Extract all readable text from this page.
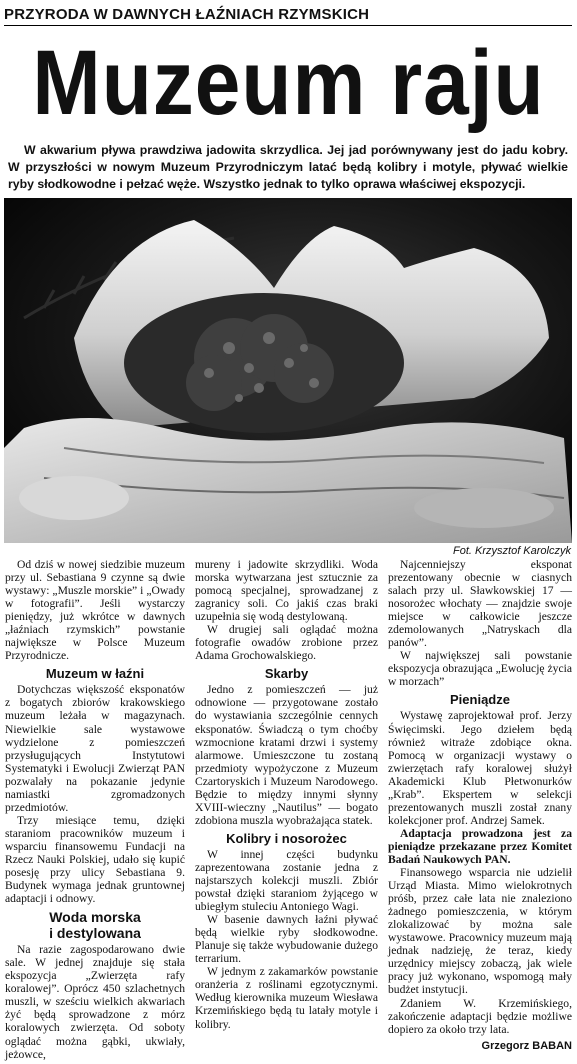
PRZYRODA W DAWNYCH ŁAŹNIACH RZYMSKICH
Muzeum raju
W akwarium pływa prawdziwa jadowita skrzydlica. Jej jad porównywany jest do jadu kobry. W przyszłości w nowym Muzeum Przyrodniczym latać będą kolibry i motyle, pływać wielkie ryby słodkowodne i pełzać węże. Wszystko jednak to tylko oprawa właściwej ekspozycji.
Fot. Krzysztof Karolczyk

Od dziś w nowej siedzibie muzeum przy ul. Sebastiana 9 czynne są dwie wystawy: „Muszle morskie” i „Owady w fotografii”. Jeśli wystarczy pieniędzy, już wkrótce w dawnych „łaźniach rzymskich” powstanie największe w Polsce Muzeum Przyrodnicze.

Muzeum w łaźni

Dotychczas większość eksponatów z bogatych zbiorów krakowskiego muzeum leżała w magazynach. Niewielkie sale wystawowe wydzielone z pomieszczeń przysługujących Instytutowi Systematyki i Ewolucji Zwierząt PAN pozwalały na pokazanie jedynie namiastki zgromadzonych przedmiotów.

Trzy miesiące temu, dzięki staraniom pracowników muzeum i wsparciu finansowemu Fundacji na Rzecz Nauki Polskiej, udało się kupić posesję przy ulicy Sebastiana 9. Budynek wymaga jednak gruntownej adaptacji i odnowy.

Woda morska
i destylowana

Na razie zagospodarowano dwie sale. W jednej znajduje się stała ekspozycja „Zwierzęta rafy koralowej”. Oprócz 450 szlachetnych muszli, w sześciu wielkich akwariach żyć będą sprowadzone z mórz koralowych zwierzęta. Od soboty oglądać można gąbki, ukwiały, jeżowce,

mureny i jadowite skrzydliki. Woda morska wytwarzana jest sztucznie za pomocą specjalnej, sprowadzanej z zagranicy soli. Co jakiś czas braki uzupełnia się wodą destylowaną.

W drugiej sali oglądać można fotografie owadów zrobione przez Adama Grochowalskiego.

Skarby

Jedno z pomieszczeń — już odnowione — przygotowane zostało do wystawiania szczególnie cennych eksponatów. Świadczą o tym choćby wzmocnione kratami drzwi i systemy alarmowe. Umieszczone tu zostaną przedmioty wypożyczone z Muzeum Czartoryskich i Muzeum Narodowego. Będzie to między innymi słynny XVIII-wieczny „Nautilus” — bogato zdobiona muszla wyobrażająca statek.

Kolibry i nosorożec

W innej części budynku zaprezentowana zostanie jedna z najstarszych kolekcji muszli. Zbiór powstał dzięki staraniom żyjącego w ubiegłym stuleciu Antoniego Wagi.

W basenie dawnych łaźni pływać będą wielkie ryby słodkowodne. Planuje się także wybudowanie dużego terrarium.

W jednym z zakamarków powstanie oranżeria z roślinami egzotycznymi. Według kierownika muzeum Wiesława Krzemińskiego będą tu latały motyle i kolibry.

Najcenniejszy eksponat prezentowany obecnie w ciasnych salach przy ul. Sławkowskiej 17 — nosorożec włochaty — znajdzie swoje miejsce w całkowicie jeszcze zdemolowanych „Natryskach dla panów”.

W największej sali powstanie ekspozycja obrazująca „Ewolucję życia w morzach”

Pieniądze

Wystawę zaprojektował prof. Jerzy Święcimski. Jego dziełem będą również witraże zdobiące okna. Pomocą w organizacji wystawy o zwierzętach rafy koralowej służył Akademicki Klub Płetwonurków „Krab”. Ekspertem w selekcji prezentowanych muszli został znany kolekcjoner prof. Andrzej Samek.

Adaptacja prowadzona jest za pieniądze przekazane przez Komitet Badań Naukowych PAN.

Finansowego wsparcia nie udzielił Urząd Miasta. Mimo wielokrotnych próśb, przez całe lata nie znaleziono żadnego pomieszczenia, w którym zlokalizować by można sale wystawowe. Pracownicy muzeum mają jednak nadzieję, że teraz, kiedy urzędnicy miejscy zobaczą, jak wiele pracy już wykonano, wspomogą mały budżet instytucji.

Zdaniem W. Krzemińskiego, zakończenie adaptacji będzie możliwe dopiero za około trzy lata.

Grzegorz BABAN
